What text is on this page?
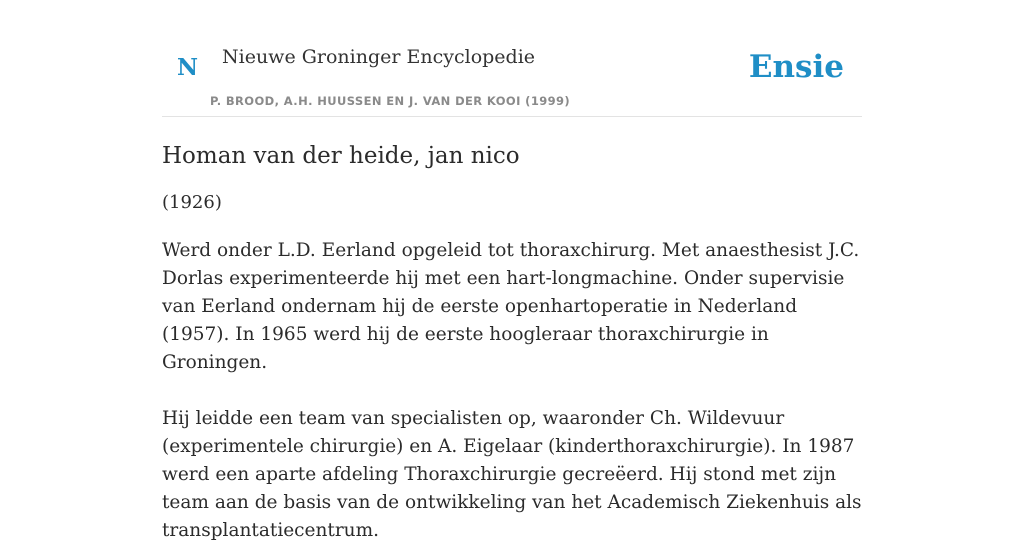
N Nieuwe Groninger Encyclopedie
P. BROOD, A.H. HUUSSEN EN J. VAN DER KOOI (1999)
Ensie
Homan van der heide, jan nico
(1926)

Werd onder L.D. Eerland opgeleid tot thoraxchirurg. Met anaesthesist J.C. Dorlas experimenteerde hij met een hart-longmachine. Onder supervisie van Eerland ondernam hij de eerste openhartoperatie in Nederland (1957). In 1965 werd hij de eerste hoogleraar thoraxchirurgie in Groningen.

Hij leidde een team van specialisten op, waaronder Ch. Wildevuur (experimentele chirurgie) en A. Eigelaar (kinderthoraxchirurgie). In 1987 werd een aparte afdeling Thoraxchirurgie gecreëerd. Hij stond met zijn team aan de basis van de ontwikkeling van het Academisch Ziekenhuis als transplantatiecentrum.
